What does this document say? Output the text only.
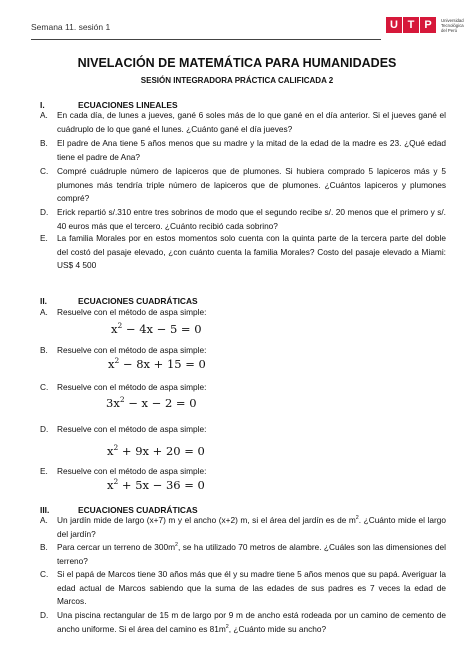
Semana 11. sesión 1	U T P	Universidad
Tecnológica
del Perú
NIVELACIÓN DE MATEMÁTICA PARA HUMANIDADES
SESIÓN INTEGRADORA PRÁCTICA CALIFICADA 2
I.	ECUACIONES LINEALES
A. En cada día, de lunes a jueves, gané 6 soles más de lo que gané en el día anterior. Si el jueves gané el cuádruplo de lo que gané el lunes. ¿Cuánto gané el día jueves?
B. El padre de Ana tiene 5 años menos que su madre y la mitad de la edad de la madre es 23. ¿Qué edad tiene el padre de Ana?
C. Compré cuádruple número de lapiceros que de plumones. Si hubiera comprado 5 lapiceros más y 5 plumones más tendría triple número de lapiceros que de plumones. ¿Cuántos lapiceros y plumones compré?
D. Erick repartió s/.310 entre tres sobrinos de modo que el segundo recibe s/. 20 menos que el primero y s/. 40 euros más que el tercero. ¿Cuánto recibió cada sobrino?
E. La familia Morales por en estos momentos solo cuenta con la quinta parte de la tercera parte del doble del costó del pasaje elevado, ¿con cuánto cuenta la familia Morales? Costo del pasaje elevado a Miami: US$ 4 500
II.	ECUACIONES CUADRÁTICAS
A. Resuelve con el método de aspa simple:
$x^2 - 4x - 5 = 0$
B. Resuelve con el método de aspa simple:
$x^2 - 8x + 15 = 0$
C. Resuelve con el método de aspa simple:
$3x^2 - x - 2 = 0$
D. Resuelve con el método de aspa simple:
$x^2 + 9x + 20 = 0$
E. Resuelve con el método de aspa simple:
$x^2 + 5x - 36 = 0$
III.	ECUACIONES CUADRÁTICAS
A. Un jardín mide de largo (x+7) m y el ancho (x+2) m, si el área del jardín es de $m^2$. ¿Cuánto mide el largo del jardín?
B. Para cercar un terreno de $300m^2$, se ha utilizado 70 metros de alambre. ¿Cuáles son las dimensiones del terreno?
C. Si el papá de Marcos tiene 30 años más que él y su madre tiene 5 años menos que su papá. Averiguar la edad actual de Marcos sabiendo que la suma de las edades de sus padres es 7 veces la edad de Marcos.
D. Una piscina rectangular de 15 m de largo por 9 m de ancho está rodeada por un camino de cemento de ancho uniforme. Si el área del camino es $81m^2$, ¿Cuánto mide su ancho?
